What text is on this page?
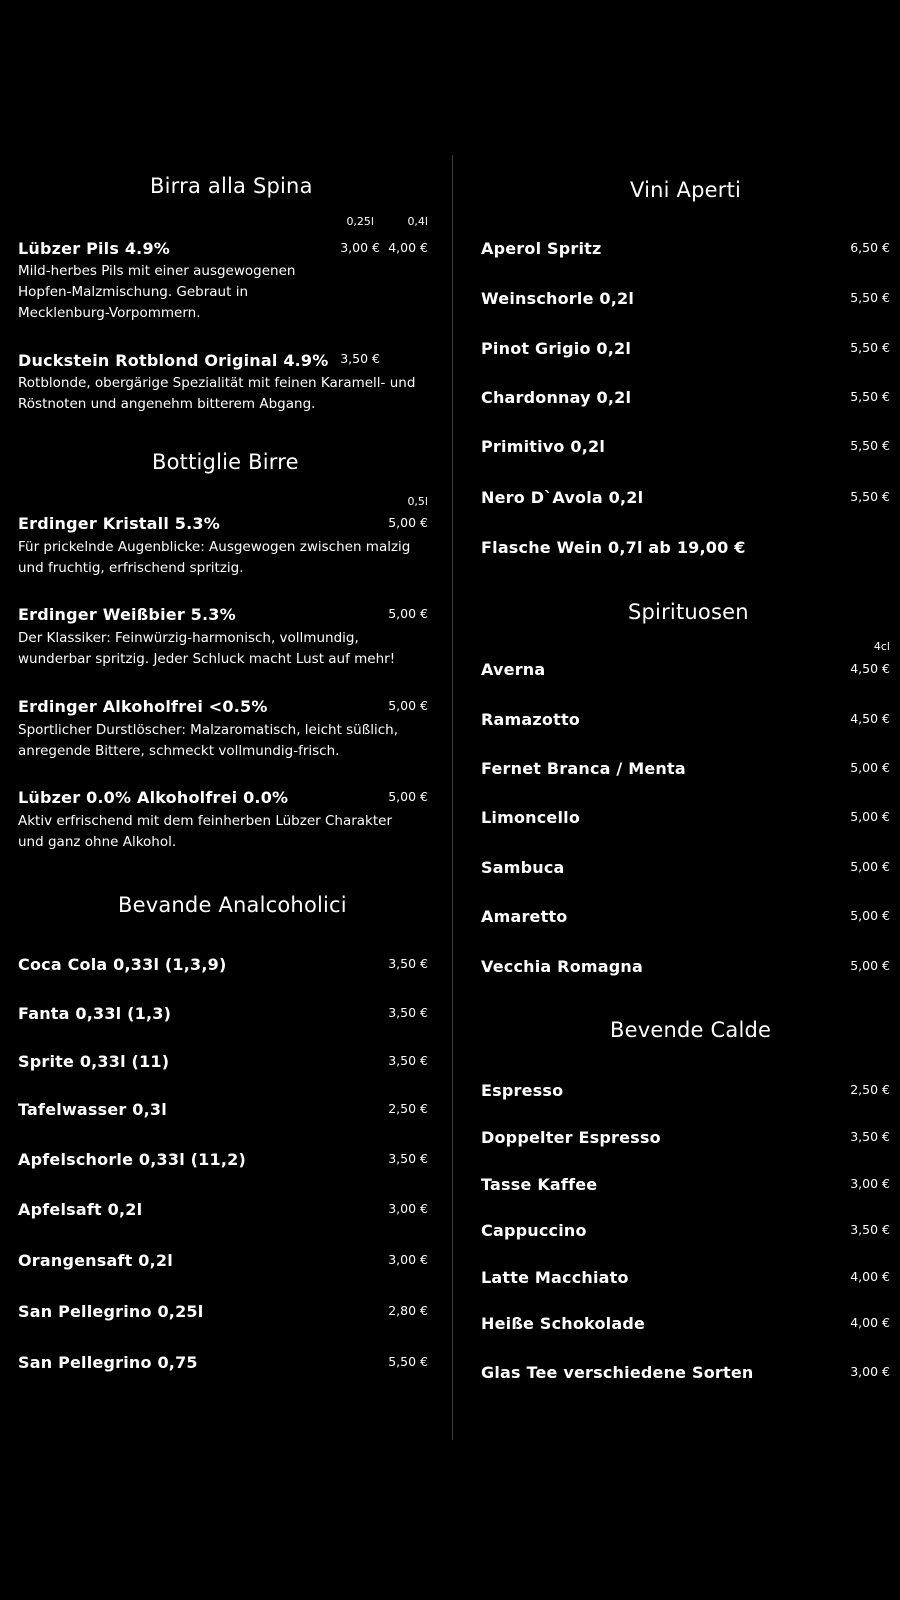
Birra alla Spina
0,25l	0,4l
Lübzer Pils 4.9%	3,00 € 4,00 €
Mild-herbes Pils mit einer ausgewogenen Hopfen-Malzmischung. Gebraut in Mecklenburg-Vorpommern.
Duckstein Rotblond Original 4.9% 3,50 €
Rotblonde, obergärige Spezialität mit feinen Karamell- und Röstnoten und angenehm bitterem Abgang.
Bottiglie Birre
0,5l
Erdinger Kristall 5.3%	5,00 €
Für prickelnde Augenblicke: Ausgewogen zwischen malzig und fruchtig, erfrischend spritzig.
Erdinger Weißbier 5.3%	5,00 €
Der Klassiker: Feinwürzig-harmonisch, vollmundig, wunderbar spritzig. Jeder Schluck macht Lust auf mehr!
Erdinger Alkoholfrei <0.5%	5,00 €
Sportlicher Durstlöscher: Malzaromatisch, leicht süßlich, anregende Bittere, schmeckt vollmundig-frisch.
Lübzer 0.0% Alkoholfrei 0.0%	5,00 €
Aktiv erfrischend mit dem feinherben Lübzer Charakter und ganz ohne Alkohol.
Bevande Analcoholici
Coca Cola 0,33l (1,3,9)	3,50 €
Fanta 0,33l (1,3)	3,50 €
Sprite 0,33l (11)	3,50 €
Tafelwasser 0,3l	2,50 €
Apfelschorle 0,33l (11,2)	3,50 €
Apfelsaft 0,2l	3,00 €
Orangensaft 0,2l	3,00 €
San Pellegrino 0,25l	2,80 €
San Pellegrino 0,75	5,50 €
Vini Aperti
Aperol Spritz	6,50 €
Weinschorle 0,2l	5,50 €
Pinot Grigio 0,2l	5,50 €
Chardonnay 0,2l	5,50 €
Primitivo 0,2l	5,50 €
Nero D`Avola 0,2l	5,50 €
Flasche Wein 0,7l ab 19,00 €
Spirituosen
4cl
Averna	4,50 €
Ramazotto	4,50 €
Fernet Branca / Menta	5,00 €
Limoncello	5,00 €
Sambuca	5,00 €
Amaretto	5,00 €
Vecchia Romagna	5,00 €
Bevende Calde
Espresso	2,50 €
Doppelter Espresso	3,50 €
Tasse Kaffee	3,00 €
Cappuccino	3,50 €
Latte Macchiato	4,00 €
Heiße Schokolade	4,00 €
Glas Tee verschiedene Sorten	3,00 €
